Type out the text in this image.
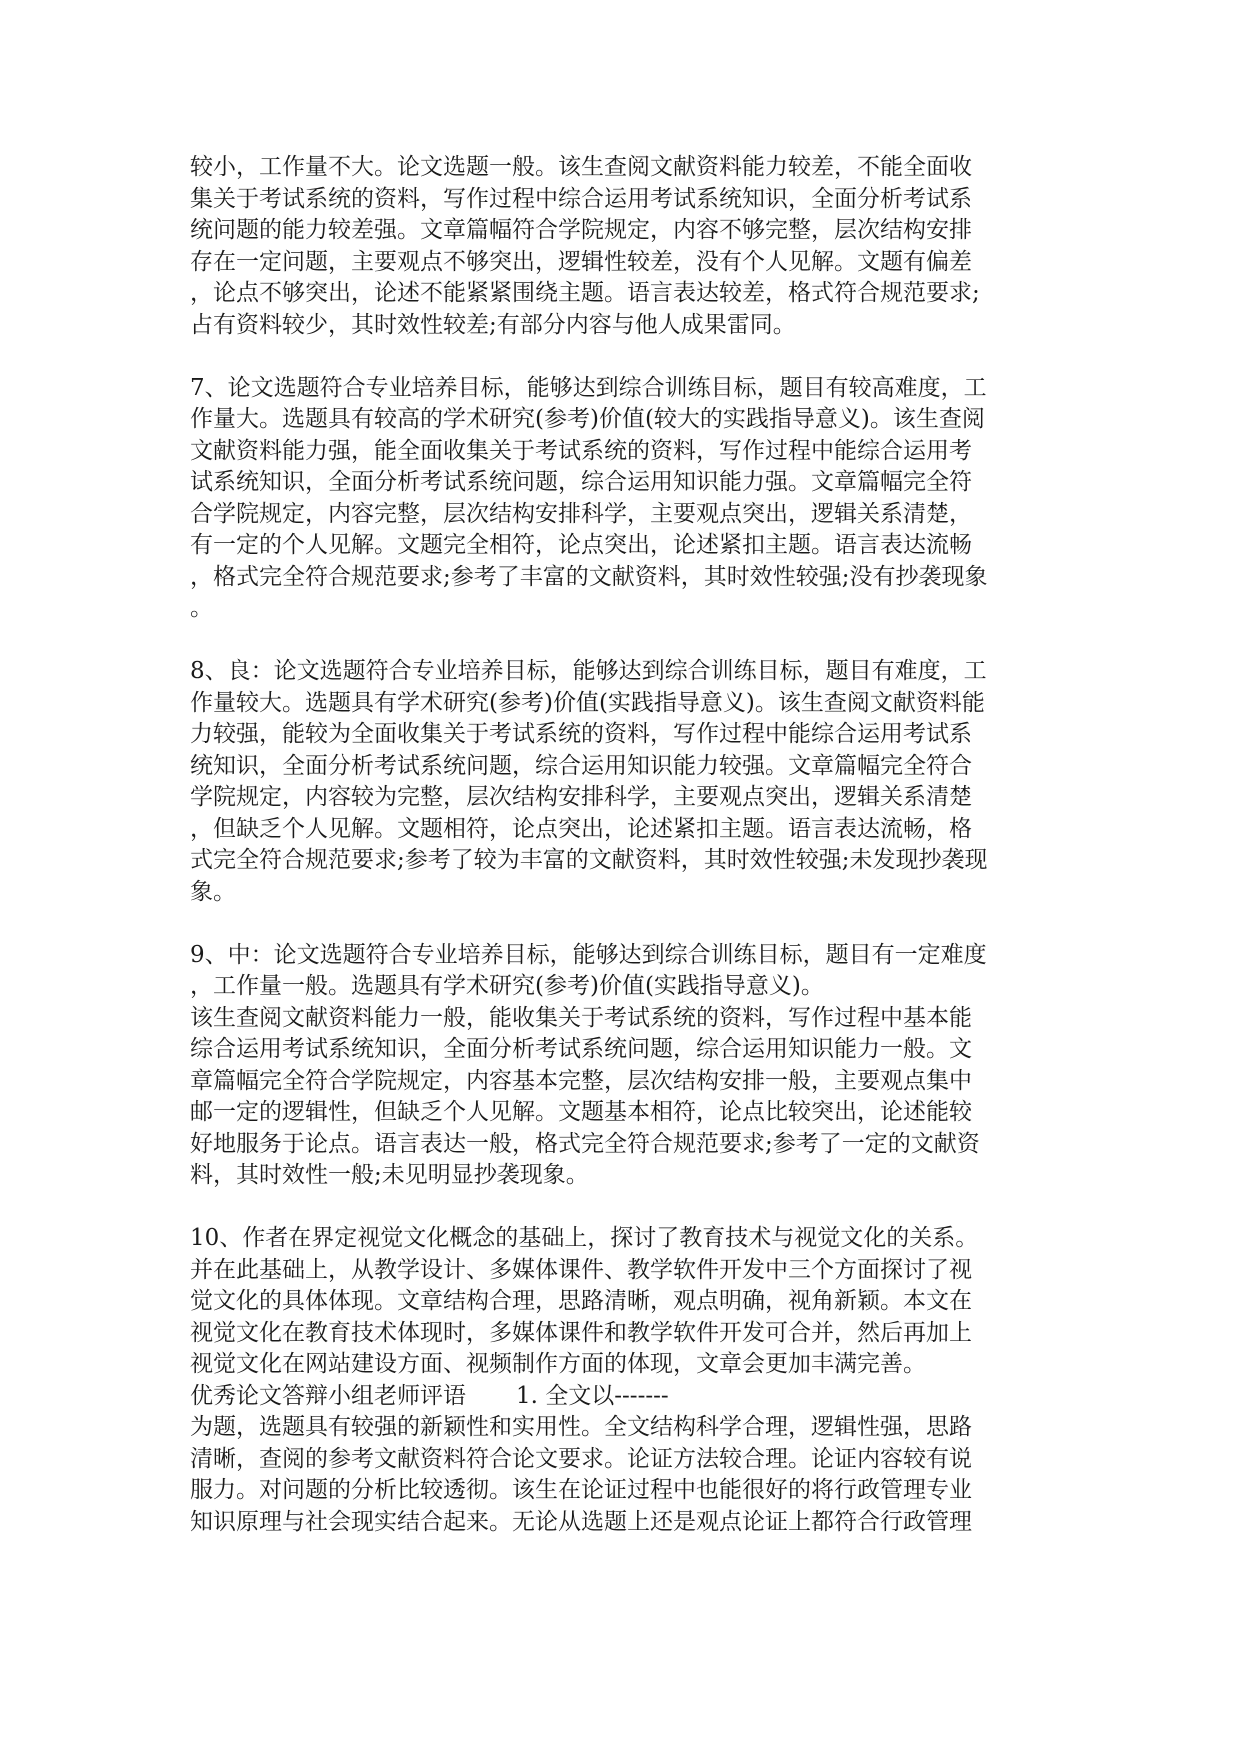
较小，工作量不大。论文选题一般。该生查阅文献资料能力较差，不能全面收

集关于考试系统的资料，写作过程中综合运用考试系统知识，全面分析考试系

统问题的能力较差强。文章篇幅符合学院规定，内容不够完整，层次结构安排

存在一定问题，主要观点不够突出，逻辑性较差，没有个人见解。文题有偏差

，论点不够突出，论述不能紧紧围绕主题。语言表达较差，格式符合规范要求;

占有资料较少，其时效性较差;有部分内容与他人成果雷同。

7、论文选题符合专业培养目标，能够达到综合训练目标，题目有较高难度，工

作量大。选题具有较高的学术研究(参考)价值(较大的实践指导意义)。该生查阅

文献资料能力强，能全面收集关于考试系统的资料，写作过程中能综合运用考

试系统知识，全面分析考试系统问题，综合运用知识能力强。文章篇幅完全符

合学院规定，内容完整，层次结构安排科学，主要观点突出，逻辑关系清楚，

有一定的个人见解。文题完全相符，论点突出，论述紧扣主题。语言表达流畅

，格式完全符合规范要求;参考了丰富的文献资料，其时效性较强;没有抄袭现象

。

8、良：论文选题符合专业培养目标，能够达到综合训练目标，题目有难度，工

作量较大。选题具有学术研究(参考)价值(实践指导意义)。该生查阅文献资料能

力较强，能较为全面收集关于考试系统的资料，写作过程中能综合运用考试系

统知识，全面分析考试系统问题，综合运用知识能力较强。文章篇幅完全符合

学院规定，内容较为完整，层次结构安排科学，主要观点突出，逻辑关系清楚

，但缺乏个人见解。文题相符，论点突出，论述紧扣主题。语言表达流畅，格

式完全符合规范要求;参考了较为丰富的文献资料，其时效性较强;未发现抄袭现

象。

9、中：论文选题符合专业培养目标，能够达到综合训练目标，题目有一定难度

，工作量一般。选题具有学术研究(参考)价值(实践指导意义)。

该生查阅文献资料能力一般，能收集关于考试系统的资料，写作过程中基本能

综合运用考试系统知识，全面分析考试系统问题，综合运用知识能力一般。文

章篇幅完全符合学院规定，内容基本完整，层次结构安排一般，主要观点集中

邮一定的逻辑性，但缺乏个人见解。文题基本相符，论点比较突出，论述能较

好地服务于论点。语言表达一般，格式完全符合规范要求;参考了一定的文献资

料，其时效性一般;未见明显抄袭现象。

10、作者在界定视觉文化概念的基础上，探讨了教育技术与视觉文化的关系。

并在此基础上，从教学设计、多媒体课件、教学软件开发中三个方面探讨了视

觉文化的具体体现。文章结构合理，思路清晰，观点明确，视角新颖。本文在

视觉文化在教育技术体现时，多媒体课件和教学软件开发可合并，然后再加上

视觉文化在网站建设方面、视频制作方面的体现，文章会更加丰满完善。

优秀论文答辩小组老师评语 1. 全文以-------

为题，选题具有较强的新颖性和实用性。全文结构科学合理，逻辑性强，思路

清晰，查阅的参考文献资料符合论文要求。论证方法较合理。论证内容较有说

服力。对问题的分析比较透彻。该生在论证过程中也能很好的将行政管理专业

知识原理与社会现实结合起来。无论从选题上还是观点论证上都符合行政管理
